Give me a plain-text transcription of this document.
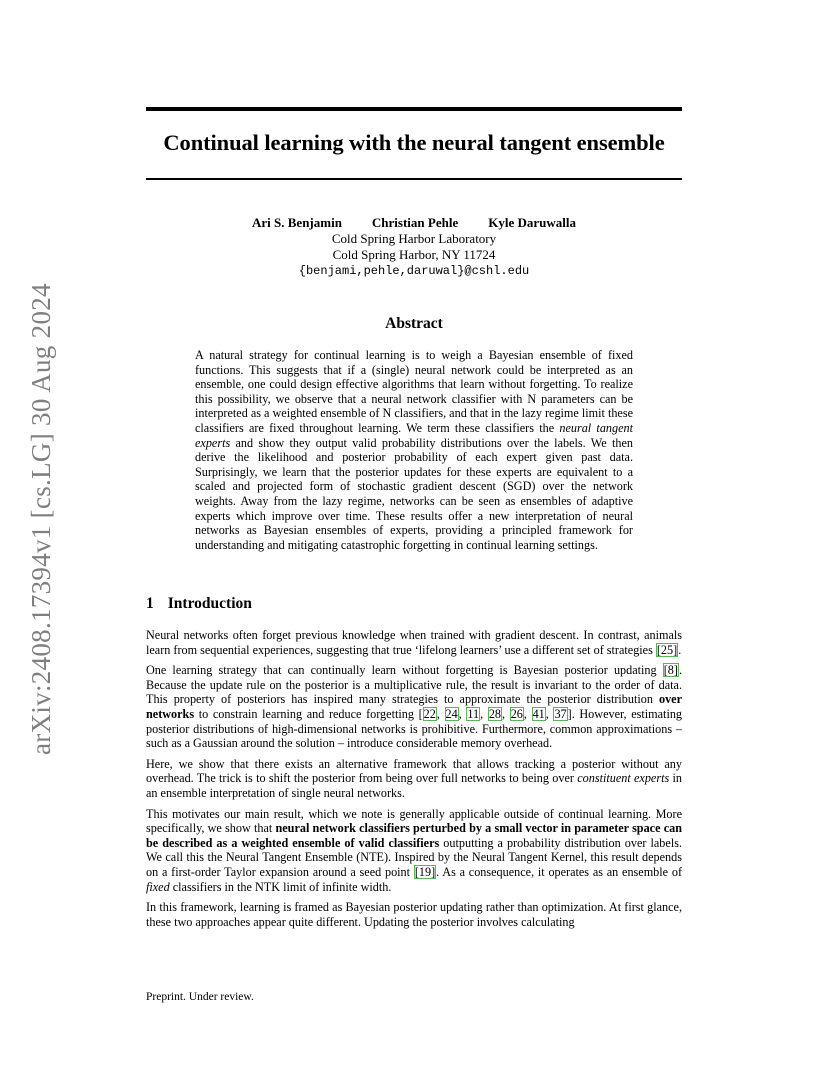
arXiv:2408.17394v1 [cs.LG] 30 Aug 2024
Continual learning with the neural tangent ensemble
Ari S. Benjamin Christian Pehle Kyle Daruwalla
Cold Spring Harbor Laboratory
Cold Spring Harbor, NY 11724
{benjami,pehle,daruwal}@cshl.edu
Abstract
A natural strategy for continual learning is to weigh a Bayesian ensemble of fixed functions. This suggests that if a (single) neural network could be interpreted as an ensemble, one could design effective algorithms that learn without forgetting. To realize this possibility, we observe that a neural network classifier with N parameters can be interpreted as a weighted ensemble of N classifiers, and that in the lazy regime limit these classifiers are fixed throughout learning. We term these classifiers the neural tangent experts and show they output valid probability distributions over the labels. We then derive the likelihood and posterior probability of each expert given past data. Surprisingly, we learn that the posterior updates for these experts are equivalent to a scaled and projected form of stochastic gradient descent (SGD) over the network weights. Away from the lazy regime, networks can be seen as ensembles of adaptive experts which improve over time. These results offer a new interpretation of neural networks as Bayesian ensembles of experts, providing a principled framework for understanding and mitigating catastrophic forgetting in continual learning settings.
1 Introduction

Neural networks often forget previous knowledge when trained with gradient descent. In contrast, animals learn from sequential experiences, suggesting that true ‘lifelong learners’ use a different set of strategies [25].

One learning strategy that can continually learn without forgetting is Bayesian posterior updating [8]. Because the update rule on the posterior is a multiplicative rule, the result is invariant to the order of data. This property of posteriors has inspired many strategies to approximate the posterior distribution over networks to constrain learning and reduce forgetting [22, 24, 11, 28, 26, 41, 37]. However, estimating posterior distributions of high-dimensional networks is prohibitive. Furthermore, common approximations – such as a Gaussian around the solution – introduce considerable memory overhead.

Here, we show that there exists an alternative framework that allows tracking a posterior without any overhead. The trick is to shift the posterior from being over full networks to being over constituent experts in an ensemble interpretation of single neural networks.

This motivates our main result, which we note is generally applicable outside of continual learning. More specifically, we show that neural network classifiers perturbed by a small vector in parameter space can be described as a weighted ensemble of valid classifiers outputting a probability distribution over labels. We call this the Neural Tangent Ensemble (NTE). Inspired by the Neural Tangent Kernel, this result depends on a first-order Taylor expansion around a seed point [19]. As a consequence, it operates as an ensemble of fixed classifiers in the NTK limit of infinite width.

In this framework, learning is framed as Bayesian posterior updating rather than optimization. At first glance, these two approaches appear quite different. Updating the posterior involves calculating

Preprint. Under review.
